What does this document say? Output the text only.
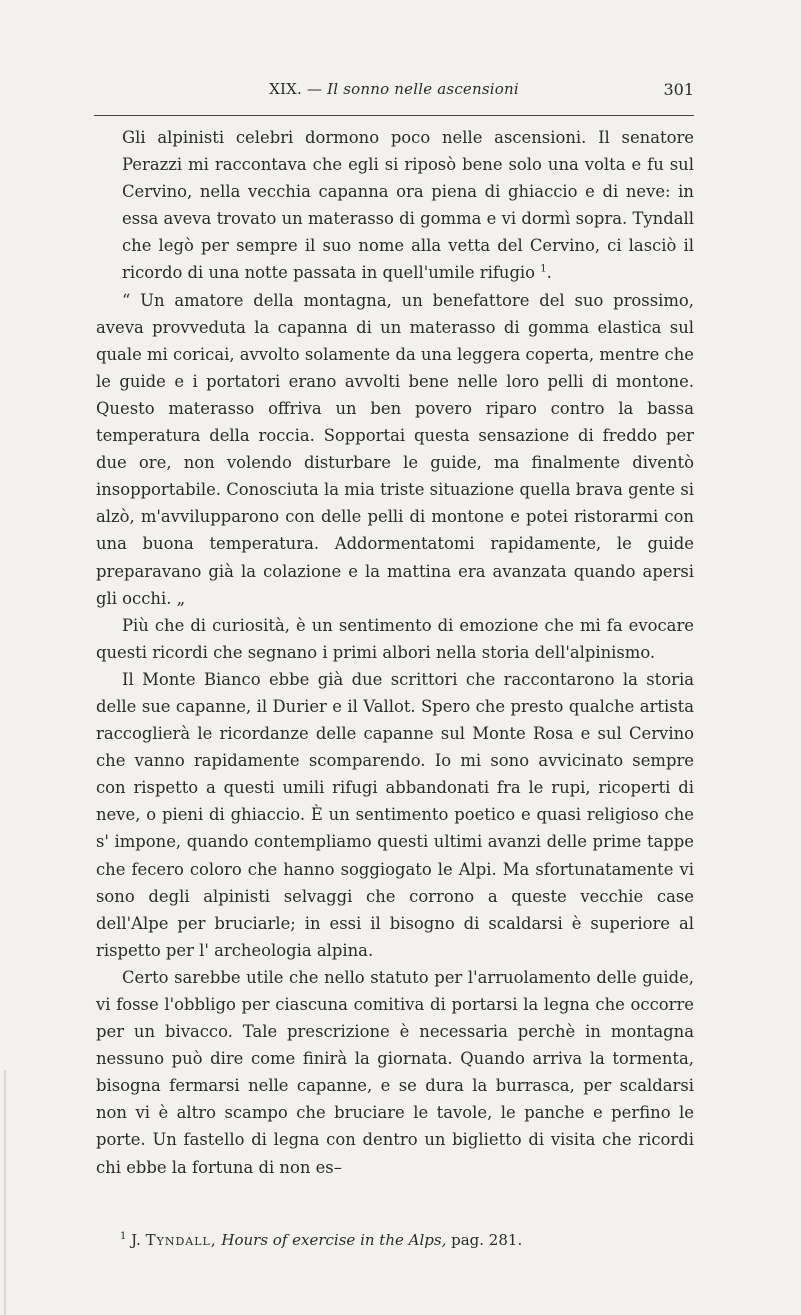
XIX. — Il sonno nelle ascensioni	301

Gli alpinisti celebri dormono poco nelle ascensioni. Il senatore Perazzi mi raccontava che egli si riposò bene solo una volta e fu sul Cervino, nella vecchia capanna ora piena di ghiaccio e di neve: in essa aveva trovato un materasso di gomma e vi dormì sopra. Tyndall che legò per sempre il suo nome alla vetta del Cervino, ci lasciò il ricordo di una notte passata in quell'umile rifugio $^1$.

“ Un amatore della montagna, un benefattore del suo prossimo, aveva provveduta la capanna di un materasso di gomma elastica sul quale mi coricai, avvolto solamente da una leggera coperta, mentre che le guide e i portatori erano avvolti bene nelle loro pelli di montone. Questo materasso offriva un ben povero riparo contro la bassa temperatura della roccia. Sopportai questa sensazione di freddo per due ore, non volendo disturbare le guide, ma finalmente diventò insopportabile. Conosciuta la mia triste situazione quella brava gente si alzò, m'avvilupparono con delle pelli di montone e potei ristorarmi con una buona temperatura. Addormentatomi rapidamente, le guide preparavano già la colazione e la mattina era avanzata quando apersi gli occhi. „

Più che di curiosità, è un sentimento di emozione che mi fa evocare questi ricordi che segnano i primi albori nella storia dell'alpinismo.

Il Monte Bianco ebbe già due scrittori che raccontarono la storia delle sue capanne, il Durier e il Vallot. Spero che presto qualche artista raccoglierà le ricordanze delle capanne sul Monte Rosa e sul Cervino che vanno rapidamente scomparendo. Io mi sono avvicinato sempre con rispetto a questi umili rifugi abbandonati fra le rupi, ricoperti di neve, o pieni di ghiaccio. È un sentimento poetico e quasi religioso che s' impone, quando contempliamo questi ultimi avanzi delle prime tappe che fecero coloro che hanno soggiogato le Alpi. Ma sfortunatamente vi sono degli alpinisti selvaggi che corrono a queste vecchie case dell'Alpe per bruciarle; in essi il bisogno di scaldarsi è superiore al rispetto per l' archeologia alpina.

Certo sarebbe utile che nello statuto per l'arruolamento delle guide, vi fosse l'obbligo per ciascuna comitiva di portarsi la legna che occorre per un bivacco. Tale prescrizione è necessaria perchè in montagna nessuno può dire come finirà la giornata. Quando arriva la tormenta, bisogna fermarsi nelle capanne, e se dura la burrasca, per scaldarsi non vi è altro scampo che bruciare le tavole, le panche e perfino le porte. Un fastello di legna con dentro un biglietto di visita che ricordi chi ebbe la fortuna di non es–

$^1$ J. Tyndall, Hours of exercise in the Alps, pag. 281.
